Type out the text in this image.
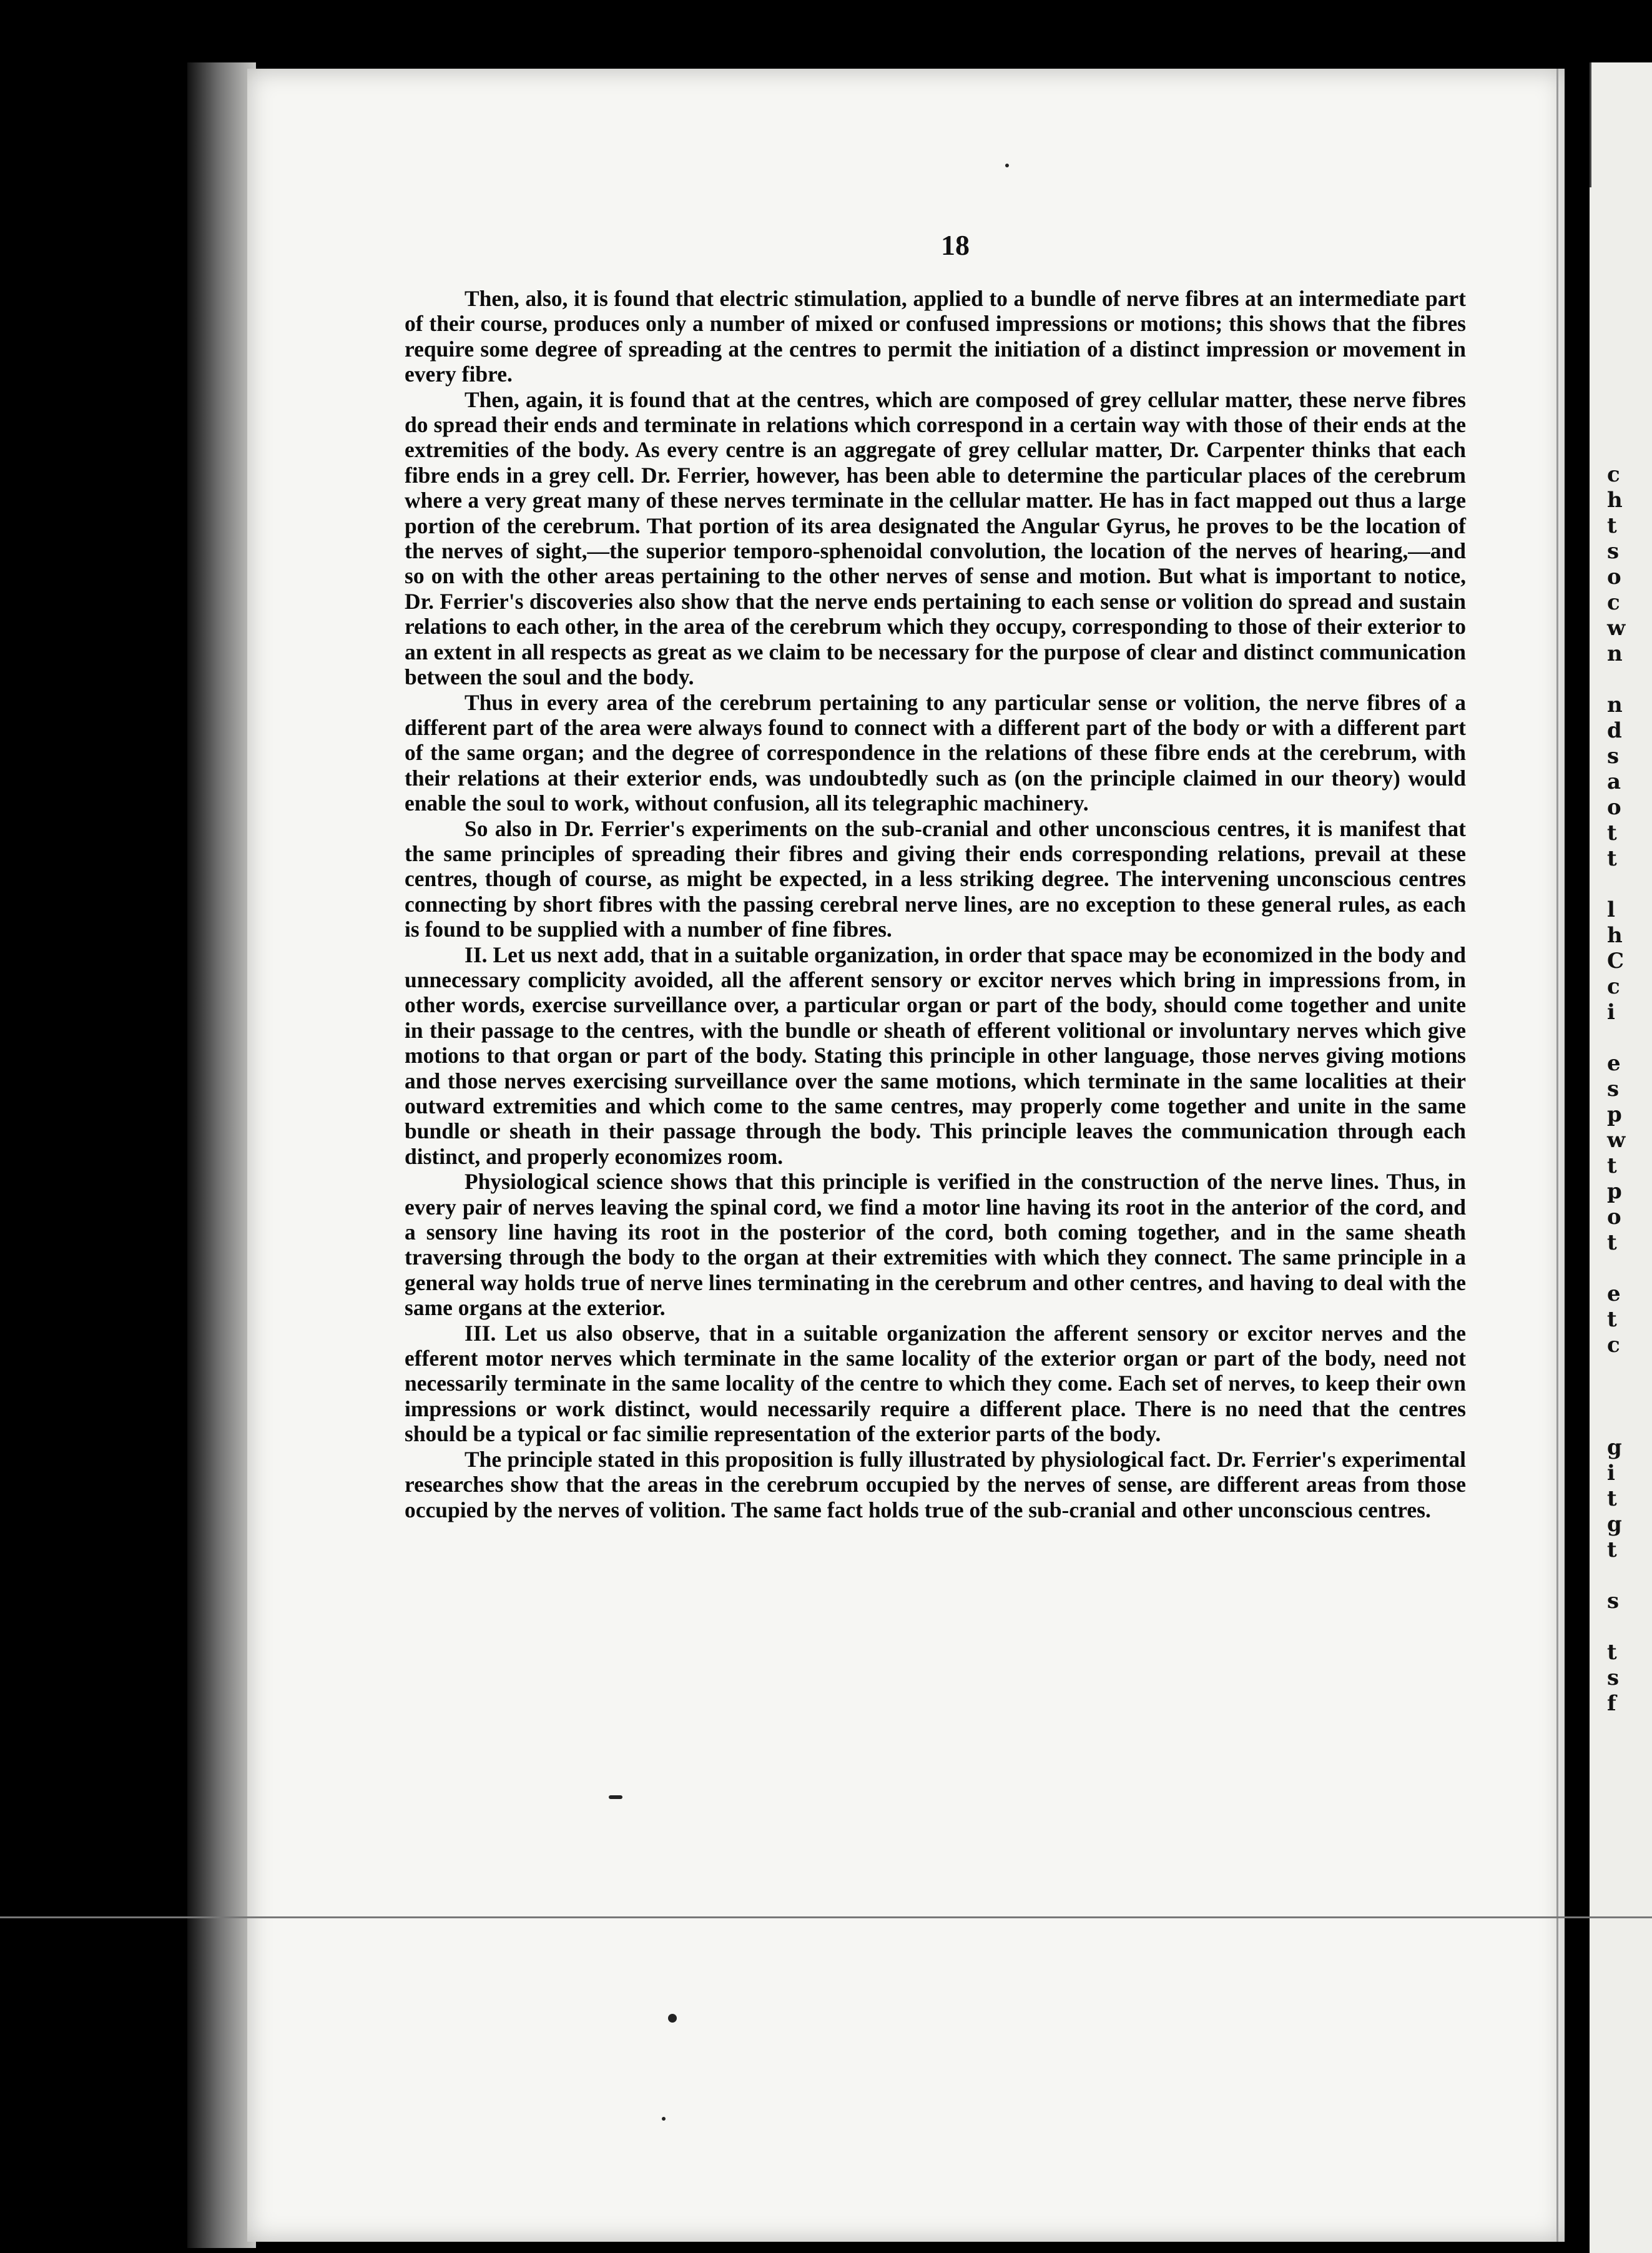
c
h
t
s
o
c
w
n
n
d
s
a
o
t
t
l
h
C
c
i
e
s
p
w
t
p
o
t
e
t
c
g
i
t
g
t
s
t
s
f
18

Then, also, it is found that electric stimulation, applied to a bundle of nerve fibres at an intermediate part of their course, produces only a number of mixed or confused impressions or motions; this shows that the fibres require some degree of spreading at the centres to permit the initiation of a distinct impression or movement in every fibre.

Then, again, it is found that at the centres, which are composed of grey cellular matter, these nerve fibres do spread their ends and terminate in relations which correspond in a certain way with those of their ends at the extremities of the body. As every centre is an aggregate of grey cellular matter, Dr. Carpenter thinks that each fibre ends in a grey cell. Dr. Ferrier, however, has been able to determine the particular places of the cerebrum where a very great many of these nerves terminate in the cellular matter. He has in fact mapped out thus a large portion of the cerebrum. That portion of its area designated the Angular Gyrus, he proves to be the location of the nerves of sight,—the superior temporo-sphenoidal convolution, the location of the nerves of hearing,—and so on with the other areas pertaining to the other nerves of sense and motion. But what is important to notice, Dr. Ferrier's discoveries also show that the nerve ends pertaining to each sense or volition do spread and sustain relations to each other, in the area of the cerebrum which they occupy, corresponding to those of their exterior to an extent in all respects as great as we claim to be necessary for the purpose of clear and distinct communication between the soul and the body.

Thus in every area of the cerebrum pertaining to any particular sense or volition, the nerve fibres of a different part of the area were always found to connect with a different part of the body or with a different part of the same organ; and the degree of correspondence in the relations of these fibre ends at the cerebrum, with their relations at their exterior ends, was undoubtedly such as (on the principle claimed in our theory) would enable the soul to work, without confusion, all its telegraphic machinery.

So also in Dr. Ferrier's experiments on the sub-cranial and other unconscious centres, it is manifest that the same principles of spreading their fibres and giving their ends corresponding relations, prevail at these centres, though of course, as might be expected, in a less striking degree. The intervening unconscious centres connecting by short fibres with the passing cerebral nerve lines, are no exception to these general rules, as each is found to be supplied with a number of fine fibres.

II. Let us next add, that in a suitable organization, in order that space may be economized in the body and unnecessary complicity avoided, all the afferent sensory or excitor nerves which bring in impressions from, in other words, exercise surveillance over, a particular organ or part of the body, should come together and unite in their passage to the centres, with the bundle or sheath of efferent volitional or involuntary nerves which give motions to that organ or part of the body. Stating this principle in other language, those nerves giving motions and those nerves exercising surveillance over the same motions, which terminate in the same localities at their outward extremities and which come to the same centres, may properly come together and unite in the same bundle or sheath in their passage through the body. This principle leaves the communication through each distinct, and properly economizes room.

Physiological science shows that this principle is verified in the construction of the nerve lines. Thus, in every pair of nerves leaving the spinal cord, we find a motor line having its root in the anterior of the cord, and a sensory line having its root in the posterior of the cord, both coming together, and in the same sheath traversing through the body to the organ at their extremities with which they connect. The same principle in a general way holds true of nerve lines terminating in the cerebrum and other centres, and having to deal with the same organs at the exterior.

III. Let us also observe, that in a suitable organization the afferent sensory or excitor nerves and the efferent motor nerves which terminate in the same locality of the exterior organ or part of the body, need not necessarily terminate in the same locality of the centre to which they come. Each set of nerves, to keep their own impressions or work distinct, would necessarily require a different place. There is no need that the centres should be a typical or fac similie representation of the exterior parts of the body.

The principle stated in this proposition is fully illustrated by physiological fact. Dr. Ferrier's experimental researches show that the areas in the cerebrum occupied by the nerves of sense, are different areas from those occupied by the nerves of volition. The same fact holds true of the sub-cranial and other unconscious centres.
